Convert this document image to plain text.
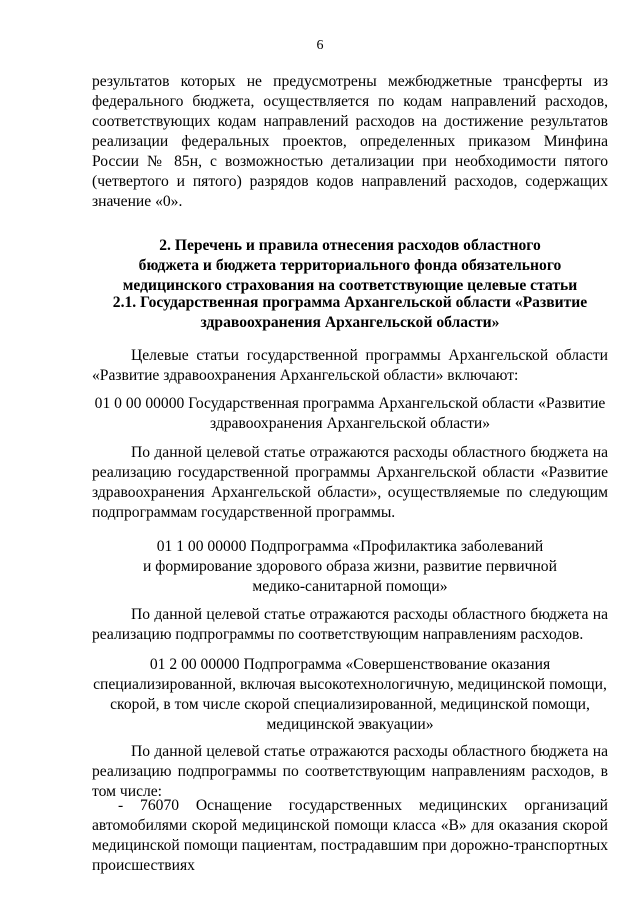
6
результатов которых не предусмотрены межбюджетные трансферты из
федерального бюджета, осуществляется по кодам направлений расходов,
соответствующих кодам направлений расходов на достижение результатов
реализации федеральных проектов, определенных приказом Минфина
России № 85н, с возможностью детализации при необходимости пятого
(четвертого и пятого) разрядов кодов направлений расходов, содержащих
значение «0».
2. Перечень и правила отнесения расходов областного
бюджета и бюджета территориального фонда обязательного
медицинского страхования на соответствующие целевые статьи
2.1. Государственная программа Архангельской области «Развитие
здравоохранения Архангельской области»
Целевые статьи государственной программы Архангельской области
«Развитие здравоохранения Архангельской области» включают:
01 0 00 00000 Государственная программа Архангельской области «Развитие
здравоохранения Архангельской области»
По данной целевой статье отражаются расходы областного бюджета на
реализацию государственной программы Архангельской области «Развитие
здравоохранения Архангельской области», осуществляемые по следующим
подпрограммам государственной программы.
01 1 00 00000 Подпрограмма «Профилактика заболеваний
и формирование здорового образа жизни, развитие первичной
медико-санитарной помощи»
По данной целевой статье отражаются расходы областного бюджета на
реализацию подпрограммы по соответствующим направлениям расходов.
01 2 00 00000 Подпрограмма «Совершенствование оказания
специализированной, включая высокотехнологичную, медицинской помощи,
скорой, в том числе скорой специализированной, медицинской помощи,
медицинской эвакуации»
По данной целевой статье отражаются расходы областного бюджета на
реализацию подпрограммы по соответствующим направлениям расходов, в
том числе:
- 76070 Оснащение государственных медицинских организаций
автомобилями скорой медицинской помощи класса «В» для оказания скорой
медицинской помощи пациентам, пострадавшим при дорожно-транспортных
происшествиях
